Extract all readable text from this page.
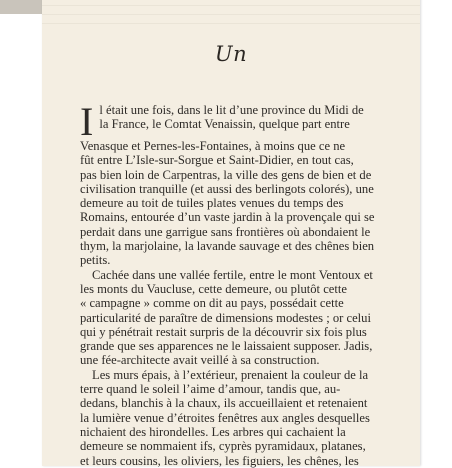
Un
I l était une fois, dans le lit d’une province du Midi de
la France, le Comtat Venaissin, quelque part entre
Venasque et Pernes-les-Fontaines, à moins que ce ne
fût entre L’Isle-sur-Sorgue et Saint-Didier, en tout cas,
pas bien loin de Carpentras, la ville des gens de bien et de
civilisation tranquille (et aussi des berlingots colorés), une
demeure au toit de tuiles plates venues du temps des
Romains, entourée d’un vaste jardin à la provençale qui se
perdait dans une garrigue sans frontières où abondaient le
thym, la marjolaine, la lavande sauvage et des chênes bien
petits.
Cachée dans une vallée fertile, entre le mont Ventoux et
les monts du Vaucluse, cette demeure, ou plutôt cette
« campagne » comme on dit au pays, possédait cette
particularité de paraître de dimensions modestes ; or celui
qui y pénétrait restait surpris de la découvrir six fois plus
grande que ses apparences ne le laissaient supposer. Jadis,
une fée-architecte avait veillé à sa construction.
Les murs épais, à l’extérieur, prenaient la couleur de la
terre quand le soleil l’aime d’amour, tandis que, au-
dedans, blanchis à la chaux, ils accueillaient et retenaient
la lumière venue d’étroites fenêtres aux angles desquelles
nichaient des hirondelles. Les arbres qui cachaient la
demeure se nommaient ifs, cyprès pyramidaux, platanes,
et leurs cousins, les oliviers, les figuiers, les chênes, les
